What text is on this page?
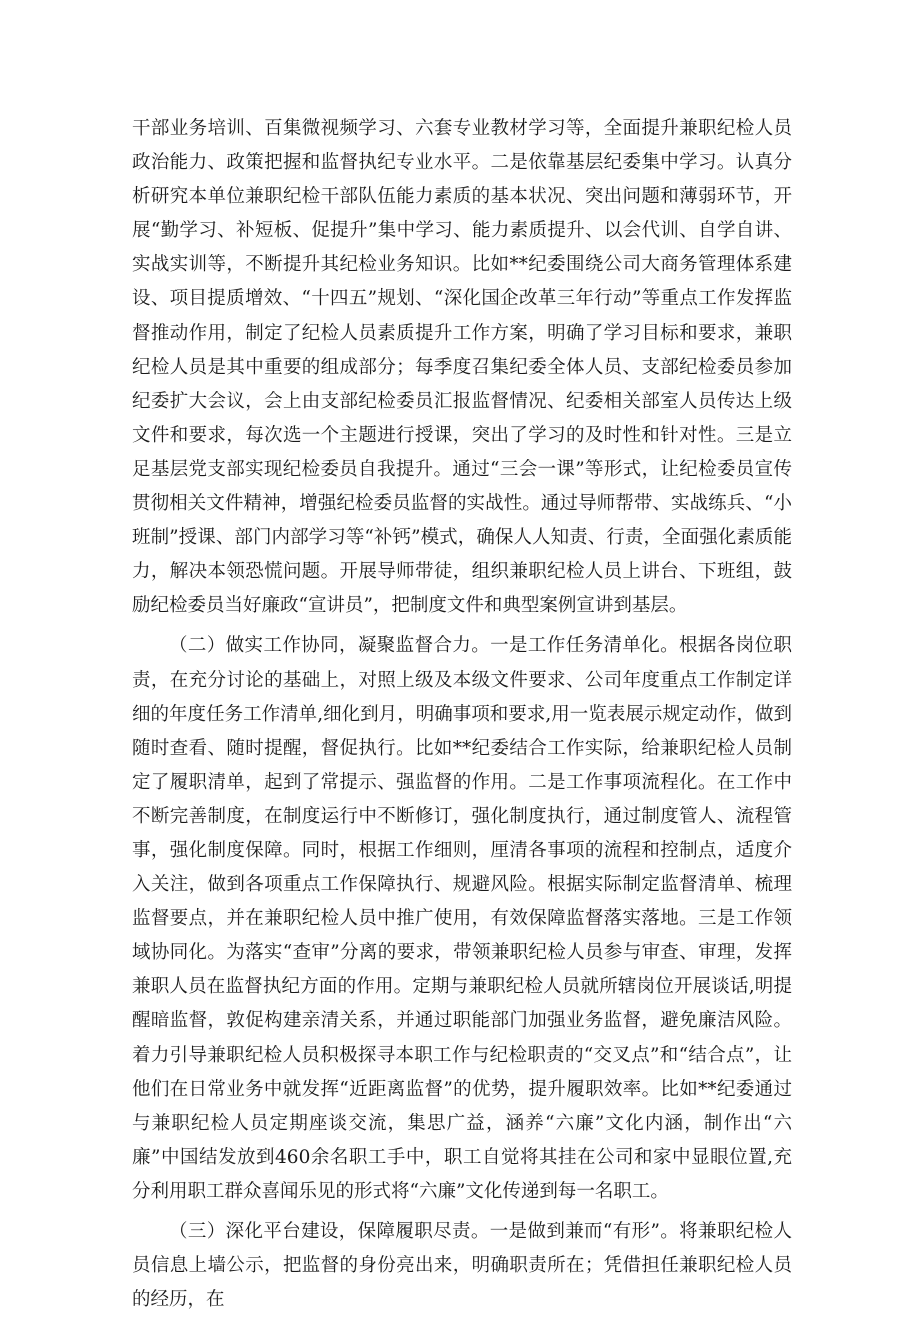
干部业务培训、百集微视频学习、六套专业教材学习等，全面提升兼职纪检人员政治能力、政策把握和监督执纪专业水平。二是依靠基层纪委集中学习。认真分析研究本单位兼职纪检干部队伍能力素质的基本状况、突出问题和薄弱环节，开展“勤学习、补短板、促提升”集中学习、能力素质提升、以会代训、自学自讲、实战实训等，不断提升其纪检业务知识。比如**纪委围绕公司大商务管理体系建设、项目提质增效、“十四五”规划、“深化国企改革三年行动”等重点工作发挥监督推动作用，制定了纪检人员素质提升工作方案，明确了学习目标和要求，兼职纪检人员是其中重要的组成部分；每季度召集纪委全体人员、支部纪检委员参加纪委扩大会议，会上由支部纪检委员汇报监督情况、纪委相关部室人员传达上级文件和要求，每次选一个主题进行授课，突出了学习的及时性和针对性。三是立足基层党支部实现纪检委员自我提升。通过“三会一课”等形式，让纪检委员宣传贯彻相关文件精神，增强纪检委员监督的实战性。通过导师帮带、实战练兵、“小班制”授课、部门内部学习等“补钙”模式，确保人人知责、行责，全面强化素质能力，解决本领恐慌问题。开展导师带徒，组织兼职纪检人员上讲台、下班组，鼓励纪检委员当好廉政“宣讲员”，把制度文件和典型案例宣讲到基层。

（二）做实工作协同，凝聚监督合力。一是工作任务清单化。根据各岗位职责，在充分讨论的基础上，对照上级及本级文件要求、公司年度重点工作制定详细的年度任务工作清单,细化到月，明确事项和要求,用一览表展示规定动作，做到随时查看、随时提醒，督促执行。比如**纪委结合工作实际，给兼职纪检人员制定了履职清单，起到了常提示、强监督的作用。二是工作事项流程化。在工作中不断完善制度，在制度运行中不断修订，强化制度执行，通过制度管人、流程管事，强化制度保障。同时，根据工作细则，厘清各事项的流程和控制点，适度介入关注，做到各项重点工作保障执行、规避风险。根据实际制定监督清单、梳理监督要点，并在兼职纪检人员中推广使用，有效保障监督落实落地。三是工作领域协同化。为落实“查审”分离的要求，带领兼职纪检人员参与审查、审理，发挥兼职人员在监督执纪方面的作用。定期与兼职纪检人员就所辖岗位开展谈话,明提醒暗监督，敦促构建亲清关系，并通过职能部门加强业务监督，避免廉洁风险。着力引导兼职纪检人员积极探寻本职工作与纪检职责的“交叉点”和“结合点”，让他们在日常业务中就发挥“近距离监督”的优势，提升履职效率。比如**纪委通过与兼职纪检人员定期座谈交流，集思广益，涵养“六廉”文化内涵，制作出“六廉”中国结发放到460余名职工手中，职工自觉将其挂在公司和家中显眼位置,充分利用职工群众喜闻乐见的形式将“六廉”文化传递到每一名职工。

（三）深化平台建设，保障履职尽责。一是做到兼而“有形”。将兼职纪检人员信息上墙公示，把监督的身份亮出来，明确职责所在；凭借担任兼职纪检人员的经历，在
